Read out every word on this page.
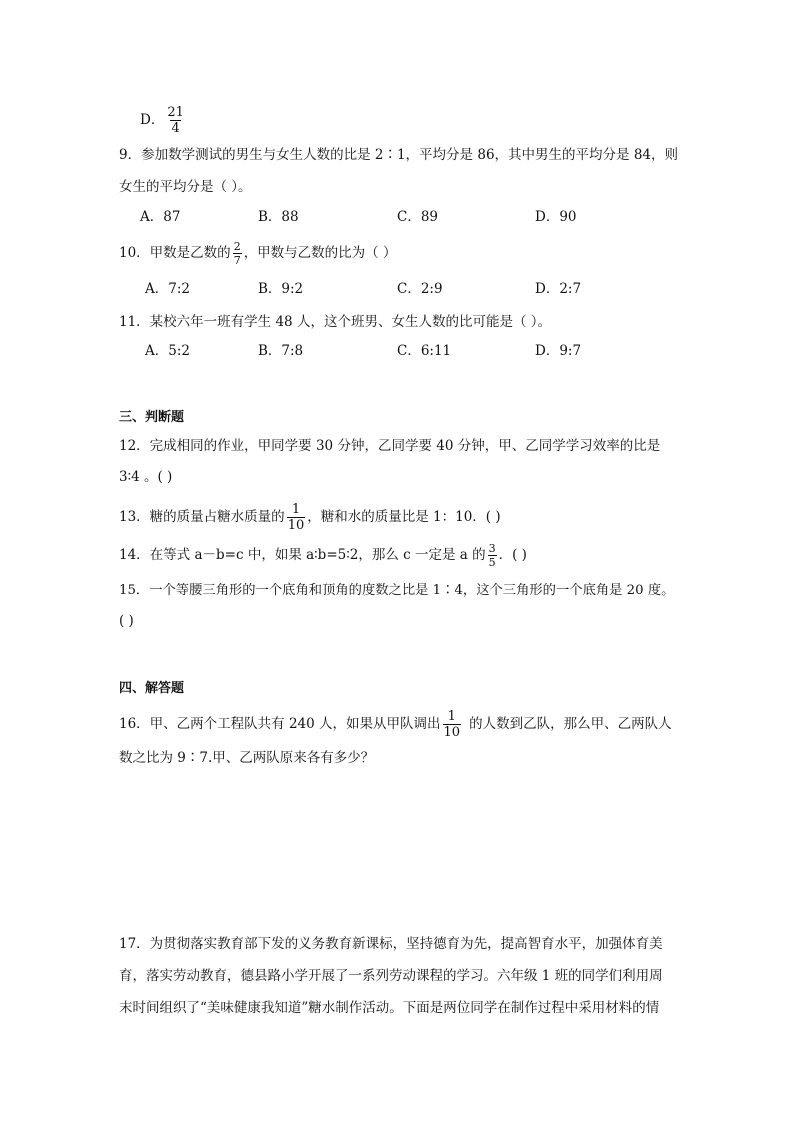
D． $\frac{21}{4}$
9．参加数学测试的男生与女生人数的比是 2∶1，平均分是 86，其中男生的平均分是 84，则
女生的平均分是（ ）。
A．87	B．88	C．89	D．90
10．甲数是乙数的 $\frac{2}{7}$ ，甲数与乙数的比为（ ）
A．7:2	B．9:2	C．2:9	D．2:7
11．某校六年一班有学生 48 人，这个班男、女生人数的比可能是（ ）。
A．5:2	B．7:8	C．6:11	D．9:7
三、判断题
12．完成相同的作业，甲同学要 30 分钟，乙同学要 40 分钟，甲、乙同学学习效率的比是
3∶4 。( )
13．糖的质量占糖水质量的 $\frac{1}{10}$ ，糖和水的质量比是 1：10．( )
14．在等式 a－b=c 中，如果 a∶b=5∶2，那么 c 一定是 a 的 $\frac{3}{5}$ ．( )
15．一个等腰三角形的一个底角和顶角的度数之比是 1∶4，这个三角形的一个底角是 20 度。
( )
四、解答题
16．甲、乙两个工程队共有 240 人，如果从甲队调出 $\frac{1}{10}$ 的人数到乙队，那么甲、乙两队人
数之比为 9∶7.甲、乙两队原来各有多少？
17．为贯彻落实教育部下发的义务教育新课标，坚持德育为先，提高智育水平，加强体育美
育，落实劳动教育，德县路小学开展了一系列劳动课程的学习。六年级 1 班的同学们利用周
末时间组织了“美味健康我知道”糖水制作活动。下面是两位同学在制作过程中采用材料的情
